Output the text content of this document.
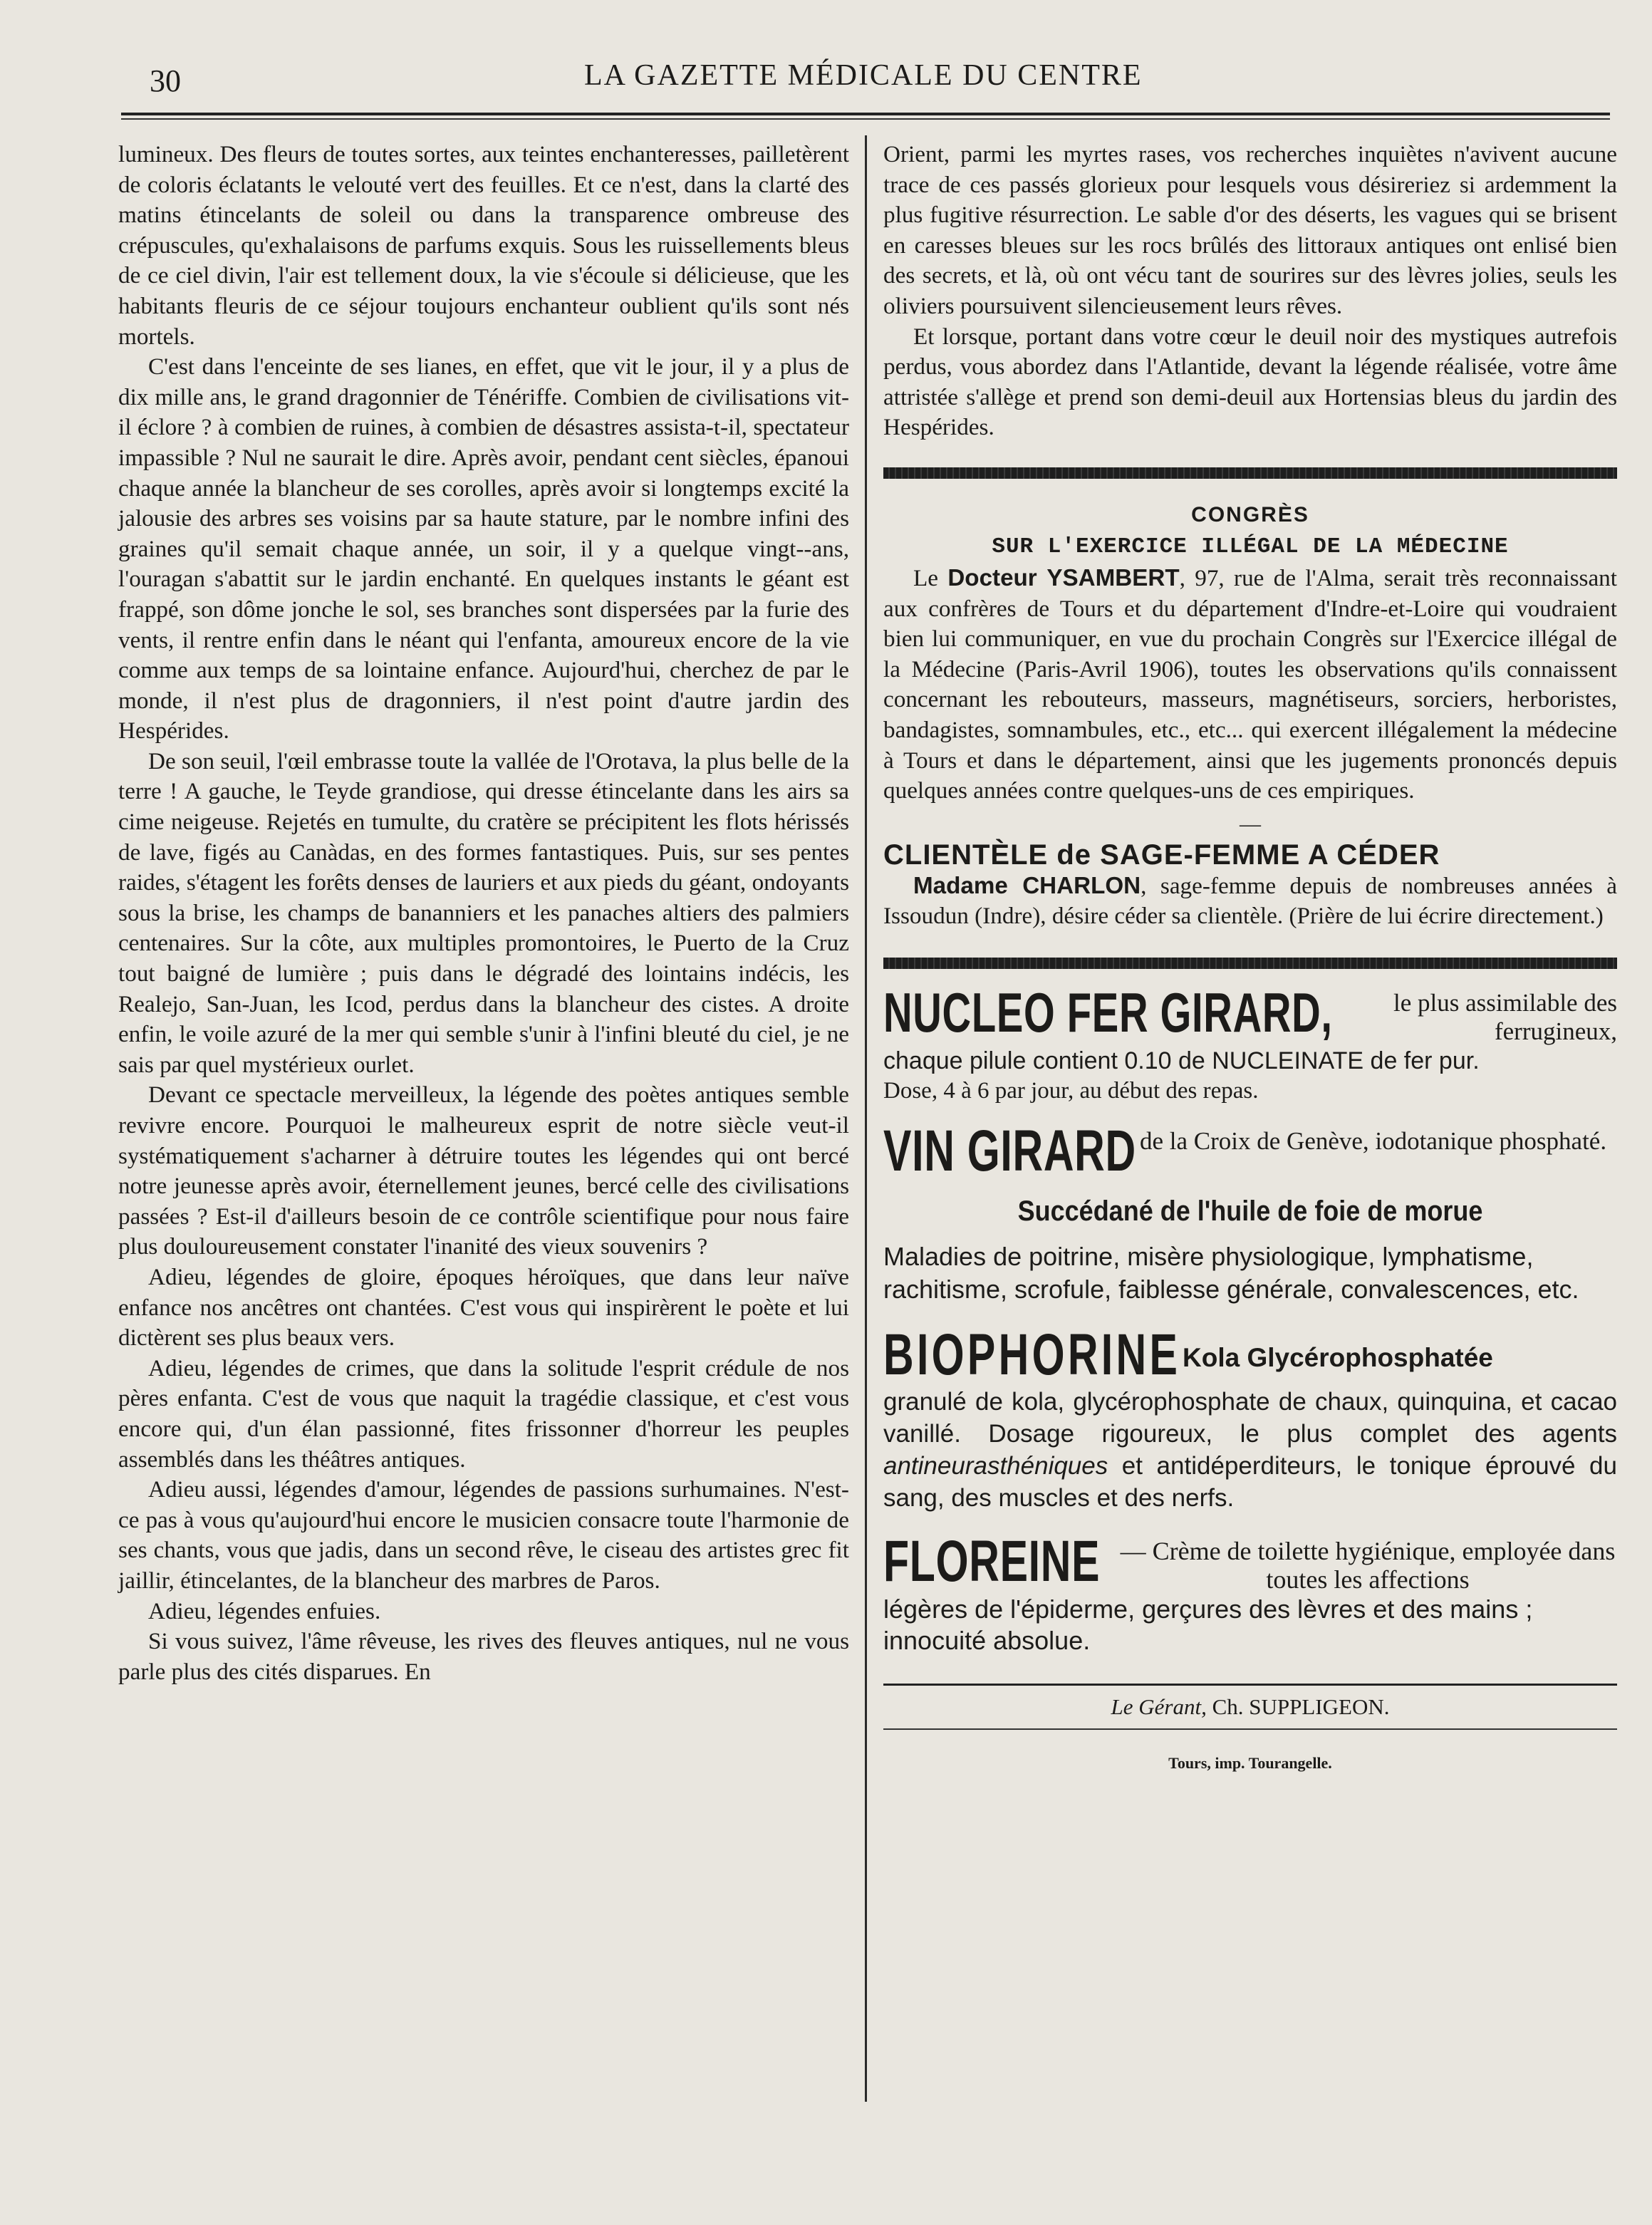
30	LA GAZETTE MÉDICALE DU CENTRE

lumineux. Des fleurs de toutes sortes, aux teintes enchanteresses, pailletèrent de coloris éclatants le velouté vert des feuilles. Et ce n'est, dans la clarté des matins étincelants de soleil ou dans la transparence ombreuse des crépuscules, qu'exhalaisons de parfums exquis. Sous les ruissellements bleus de ce ciel divin, l'air est tellement doux, la vie s'écoule si délicieuse, que les habitants fleuris de ce séjour toujours enchanteur oublient qu'ils sont nés mortels.

C'est dans l'enceinte de ses lianes, en effet, que vit le jour, il y a plus de dix mille ans, le grand dragonnier de Ténériffe. Combien de civilisations vit-il éclore ? à combien de ruines, à combien de désastres assista-t-il, spectateur impassible ? Nul ne saurait le dire. Après avoir, pendant cent siècles, épanoui chaque année la blancheur de ses corolles, après avoir si longtemps excité la jalousie des arbres ses voisins par sa haute stature, par le nombre infini des graines qu'il semait chaque année, un soir, il y a quelque vingt--ans, l'ouragan s'abattit sur le jardin enchanté. En quelques instants le géant est frappé, son dôme jonche le sol, ses branches sont dispersées par la furie des vents, il rentre enfin dans le néant qui l'enfanta, amoureux encore de la vie comme aux temps de sa lointaine enfance. Aujourd'hui, cherchez de par le monde, il n'est plus de dragonniers, il n'est point d'autre jardin des Hespérides.

De son seuil, l'œil embrasse toute la vallée de l'Orotava, la plus belle de la terre ! A gauche, le Teyde grandiose, qui dresse étincelante dans les airs sa cime neigeuse. Rejetés en tumulte, du cratère se précipitent les flots hérissés de lave, figés au Canàdas, en des formes fantastiques. Puis, sur ses pentes raides, s'étagent les forêts denses de lauriers et aux pieds du géant, ondoyants sous la brise, les champs de bananniers et les panaches altiers des palmiers centenaires. Sur la côte, aux multiples promontoires, le Puerto de la Cruz tout baigné de lumière ; puis dans le dégradé des lointains indécis, les Realejo, San-Juan, les Icod, perdus dans la blancheur des cistes. A droite enfin, le voile azuré de la mer qui semble s'unir à l'infini bleuté du ciel, je ne sais par quel mystérieux ourlet.

Devant ce spectacle merveilleux, la légende des poètes antiques semble revivre encore. Pourquoi le malheureux esprit de notre siècle veut-il systématiquement s'acharner à détruire toutes les légendes qui ont bercé notre jeunesse après avoir, éternellement jeunes, bercé celle des civilisations passées ? Est-il d'ailleurs besoin de ce contrôle scientifique pour nous faire plus douloureusement constater l'inanité des vieux souvenirs ?

Adieu, légendes de gloire, époques héroïques, que dans leur naïve enfance nos ancêtres ont chantées. C'est vous qui inspirèrent le poète et lui dictèrent ses plus beaux vers.

Adieu, légendes de crimes, que dans la solitude l'esprit crédule de nos pères enfanta. C'est de vous que naquit la tragédie classique, et c'est vous encore qui, d'un élan passionné, fites frissonner d'horreur les peuples assemblés dans les théâtres antiques.

Adieu aussi, légendes d'amour, légendes de passions surhumaines. N'est-ce pas à vous qu'aujourd'hui encore le musicien consacre toute l'harmonie de ses chants, vous que jadis, dans un second rêve, le ciseau des artistes grec fit jaillir, étincelantes, de la blancheur des marbres de Paros.

Adieu, légendes enfuies.

Si vous suivez, l'âme rêveuse, les rives des fleuves antiques, nul ne vous parle plus des cités disparues. En

Orient, parmi les myrtes rases, vos recherches inquiètes n'avivent aucune trace de ces passés glorieux pour lesquels vous désireriez si ardemment la plus fugitive résurrection. Le sable d'or des déserts, les vagues qui se brisent en caresses bleues sur les rocs brûlés des littoraux antiques ont enlisé bien des secrets, et là, où ont vécu tant de sourires sur des lèvres jolies, seuls les oliviers poursuivent silencieusement leurs rêves.

Et lorsque, portant dans votre cœur le deuil noir des mystiques autrefois perdus, vous abordez dans l'Atlantide, devant la légende réalisée, votre âme attristée s'allège et prend son demi-deuil aux Hortensias bleus du jardin des Hespérides.

CONGRÈS
SUR L'EXERCICE ILLÉGAL DE LA MÉDECINE

Le Docteur YSAMBERT, 97, rue de l'Alma, serait très reconnaissant aux confrères de Tours et du département d'Indre-et-Loire qui voudraient bien lui communiquer, en vue du prochain Congrès sur l'Exercice illégal de la Médecine (Paris-Avril 1906), toutes les observations qu'ils connaissent concernant les rebouteurs, masseurs, magnétiseurs, sorciers, herboristes, bandagistes, somnambules, etc., etc... qui exercent illégalement la médecine à Tours et dans le département, ainsi que les jugements prononcés depuis quelques années contre quelques-uns de ces empiriques.

—
CLIENTÈLE de SAGE-FEMME A CÉDER

Madame CHARLON, sage-femme depuis de nombreuses années à Issoudun (Indre), désire céder sa clientèle. (Prière de lui écrire directement.)

NUCLEO FER GIRARD,	le plus assimilable des ferrugineux,

chaque pilule contient 0.10 de NUCLEINATE de fer pur.

Dose, 4 à 6 par jour, au début des repas.

VIN GIRARD de la Croix de Genève, iodotanique phosphaté.
Succédané de l'huile de foie de morue

Maladies de poitrine, misère physiologique, lymphatisme, rachitisme, scrofule, faiblesse générale, convalescences, etc.

BIOPHORINE Kola Glycérophosphatée

granulé de kola, glycérophosphate de chaux, quinquina, et cacao vanillé. Dosage rigoureux, le plus complet des agents antineurasthéniques et antidéperditeurs, le tonique éprouvé du sang, des muscles et des nerfs.

FLOREINE — Crème de toilette hygiénique, employée dans toutes les affections

légères de l'épiderme, gerçures des lèvres et des mains ; innocuité absolue.

Le Gérant, Ch. SUPPLIGEON.
Tours, imp. Tourangelle.
